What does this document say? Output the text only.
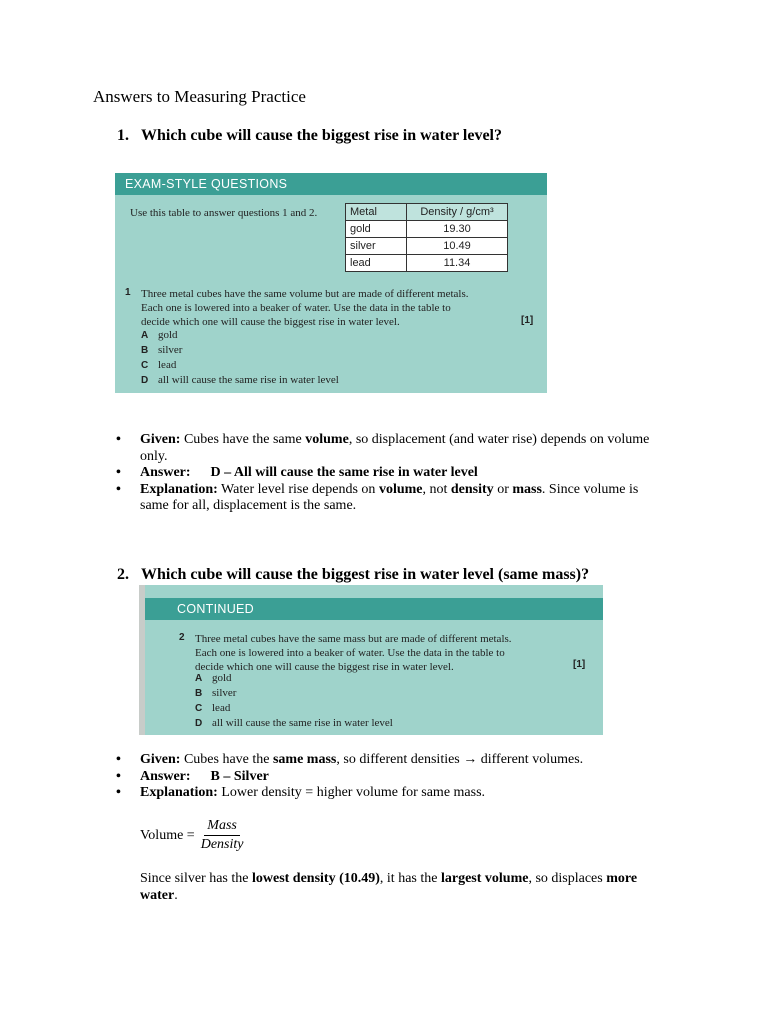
Answers to Measuring Practice
1. Which cube will cause the biggest rise in water level?
EXAM-STYLE QUESTIONS
Use this table to answer questions 1 and 2.	Metal	Density / g/cm³
gold	19.30
silver	10.49
lead	11.34
1 Three metal cubes have the same volume but are made of different metals.
Each one is lowered into a beaker of water. Use the data in the table to
decide which one will cause the biggest rise in water level.	[1]
A gold
B silver
C lead
D all will cause the same rise in water level
• Given: Cubes have the same volume, so displacement (and water rise) depends on volume only.
• Answer: D – All will cause the same rise in water level
• Explanation: Water level rise depends on volume, not density or mass. Since volume is same for all, displacement is the same.
2. Which cube will cause the biggest rise in water level (same mass)?
CONTINUED
2 Three metal cubes have the same mass but are made of different metals.
Each one is lowered into a beaker of water. Use the data in the table to
decide which one will cause the biggest rise in water level.	[1]
A gold
B silver
C lead
D all will cause the same rise in water level
• Given: Cubes have the same mass, so different densities → different volumes.
• Answer: B – Silver
• Explanation: Lower density = higher volume for same mass.
Volume = $\frac{\text{Mass}}{\text{Density}}$
Since silver has the lowest density (10.49), it has the largest volume, so displaces more water.
